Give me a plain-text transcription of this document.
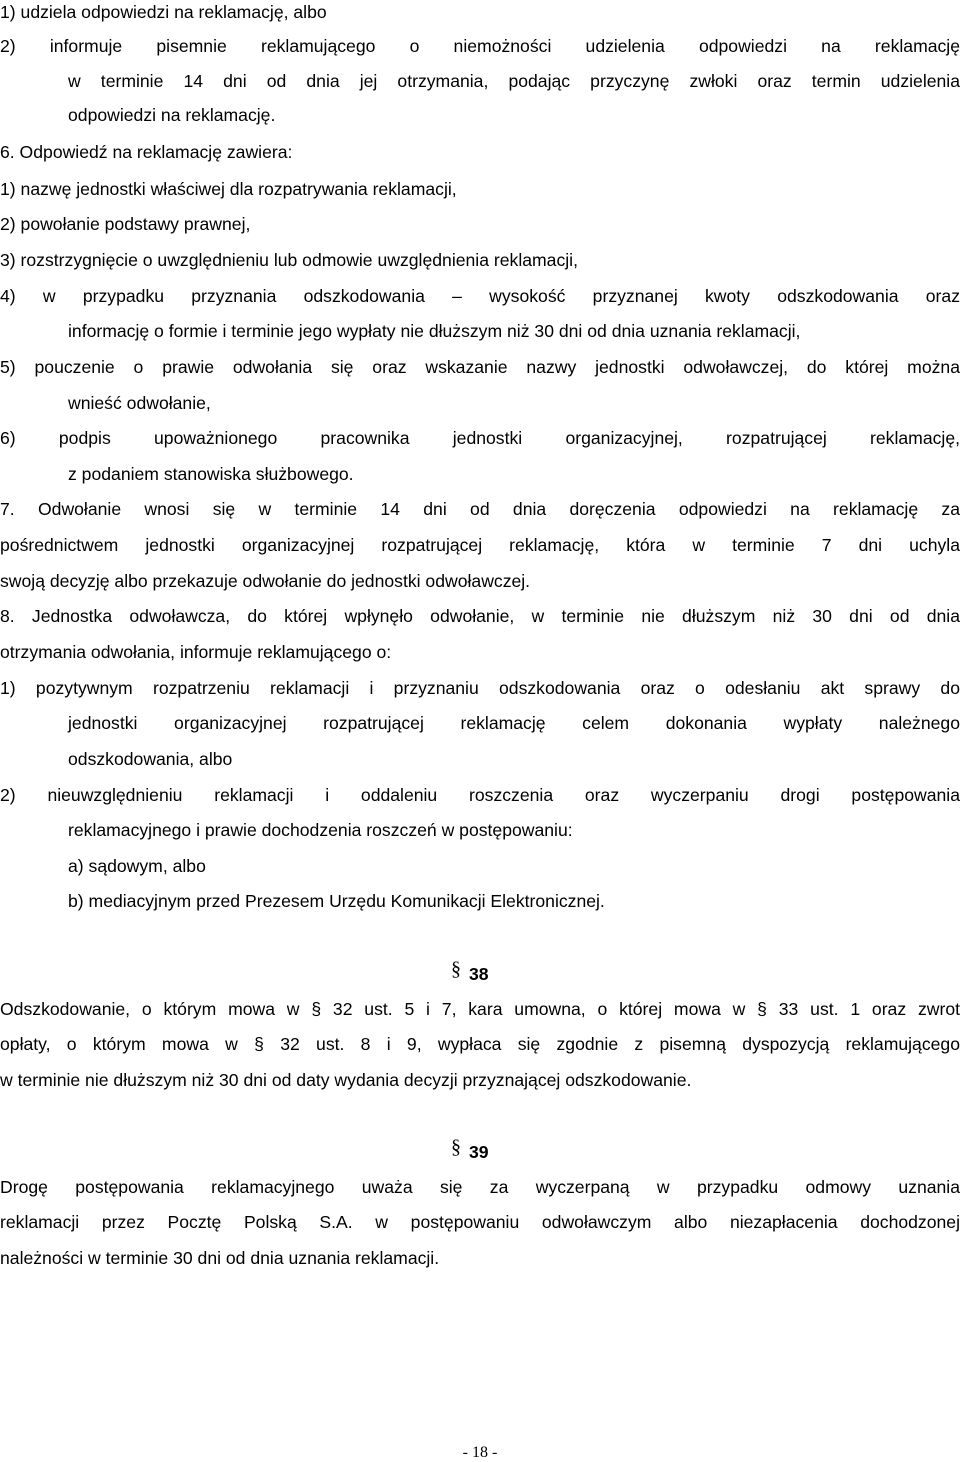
1) udziela odpowiedzi na reklamację, albo
2) informuje pisemnie reklamującego o niemożności udzielenia odpowiedzi na reklamację
w terminie 14 dni od dnia jej otrzymania, podając przyczynę zwłoki oraz termin udzielenia
odpowiedzi na reklamację.
6. Odpowiedź na reklamację zawiera:
1) nazwę jednostki właściwej dla rozpatrywania reklamacji,
2) powołanie podstawy prawnej,
3) rozstrzygnięcie o uwzględnieniu lub odmowie uwzględnienia reklamacji,
4) w przypadku przyznania odszkodowania – wysokość przyznanej kwoty odszkodowania oraz
informację o formie i terminie jego wypłaty nie dłuższym niż 30 dni od dnia uznania reklamacji,
5) pouczenie o prawie odwołania się oraz wskazanie nazwy jednostki odwoławczej, do której można
wnieść odwołanie,
6) podpis upoważnionego pracownika jednostki organizacyjnej, rozpatrującej reklamację,
z podaniem stanowiska służbowego.
7. Odwołanie wnosi się w terminie 14 dni od dnia doręczenia odpowiedzi na reklamację za
pośrednictwem jednostki organizacyjnej rozpatrującej reklamację, która w terminie 7 dni uchyla
swoją decyzję albo przekazuje odwołanie do jednostki odwoławczej.
8. Jednostka odwoławcza, do której wpłynęło odwołanie, w terminie nie dłuższym niż 30 dni od dnia
otrzymania odwołania, informuje reklamującego o:
1) pozytywnym rozpatrzeniu reklamacji i przyznaniu odszkodowania oraz o odesłaniu akt sprawy do
jednostki organizacyjnej rozpatrującej reklamację celem dokonania wypłaty należnego
odszkodowania, albo
2) nieuwzględnieniu reklamacji i oddaleniu roszczenia oraz wyczerpaniu drogi postępowania
reklamacyjnego i prawie dochodzenia roszczeń w postępowaniu:
a) sądowym, albo
b) mediacyjnym przed Prezesem Urzędu Komunikacji Elektronicznej.
§ 38
Odszkodowanie, o którym mowa w § 32 ust. 5 i 7, kara umowna, o której mowa w § 33 ust. 1 oraz zwrot
opłaty, o którym mowa w § 32 ust. 8 i 9, wypłaca się zgodnie z pisemną dyspozycją reklamującego
w terminie nie dłuższym niż 30 dni od daty wydania decyzji przyznającej odszkodowanie.
§ 39
Drogę postępowania reklamacyjnego uważa się za wyczerpaną w przypadku odmowy uznania
reklamacji przez Pocztę Polską S.A. w postępowaniu odwoławczym albo niezapłacenia dochodzonej
należności w terminie 30 dni od dnia uznania reklamacji.
- 18 -
